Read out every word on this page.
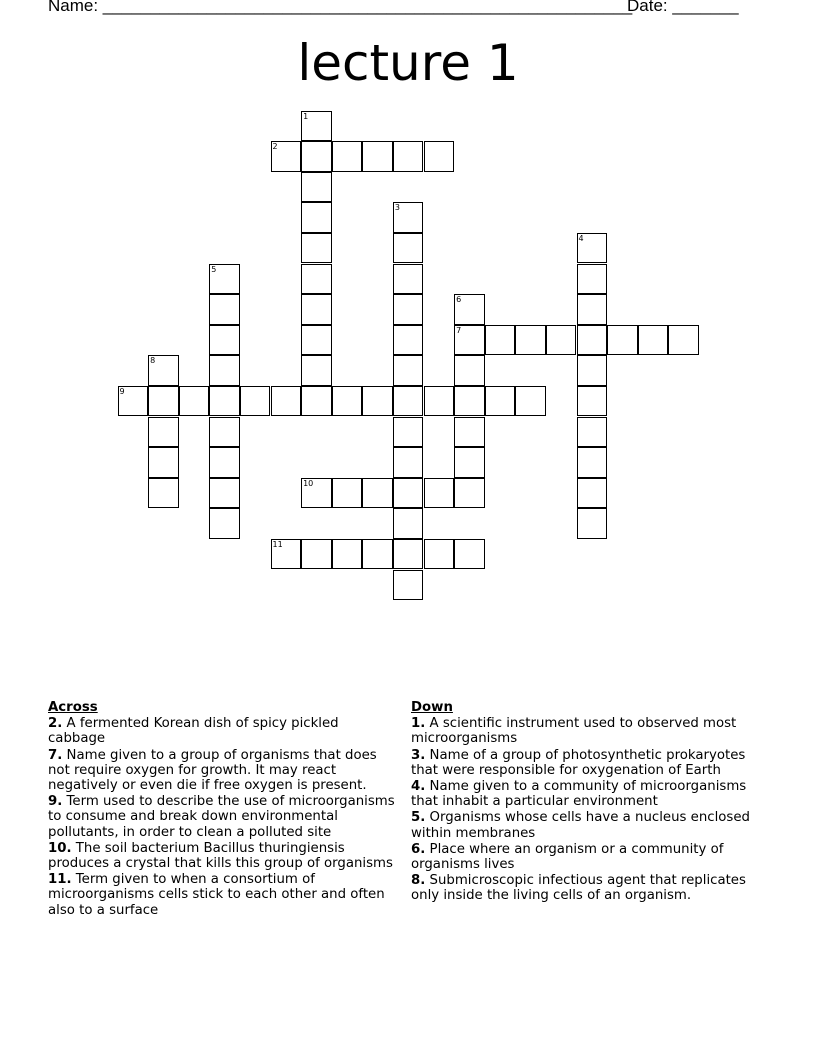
Name: ________________________________________________________
Date: _______
lecture 1
1
2
3
4
5
6
7
8
9
10
11
Across
2. A fermented Korean dish of spicy pickled cabbage
7. Name given to a group of organisms that does not require oxygen for growth. It may react negatively or even die if free oxygen is present.
9. Term used to describe the use of microorganisms to consume and break down environmental pollutants, in order to clean a polluted site
10. The soil bacterium Bacillus thuringiensis produces a crystal that kills this group of organisms
11. Term given to when a consortium of microorganisms cells stick to each other and often also to a surface
Down
1. A scientific instrument used to observed most microorganisms
3. Name of a group of photosynthetic prokaryotes that were responsible for oxygenation of Earth
4. Name given to a community of microorganisms that inhabit a particular environment
5. Organisms whose cells have a nucleus enclosed within membranes
6. Place where an organism or a community of organisms lives
8. Submicroscopic infectious agent that replicates only inside the living cells of an organism.
